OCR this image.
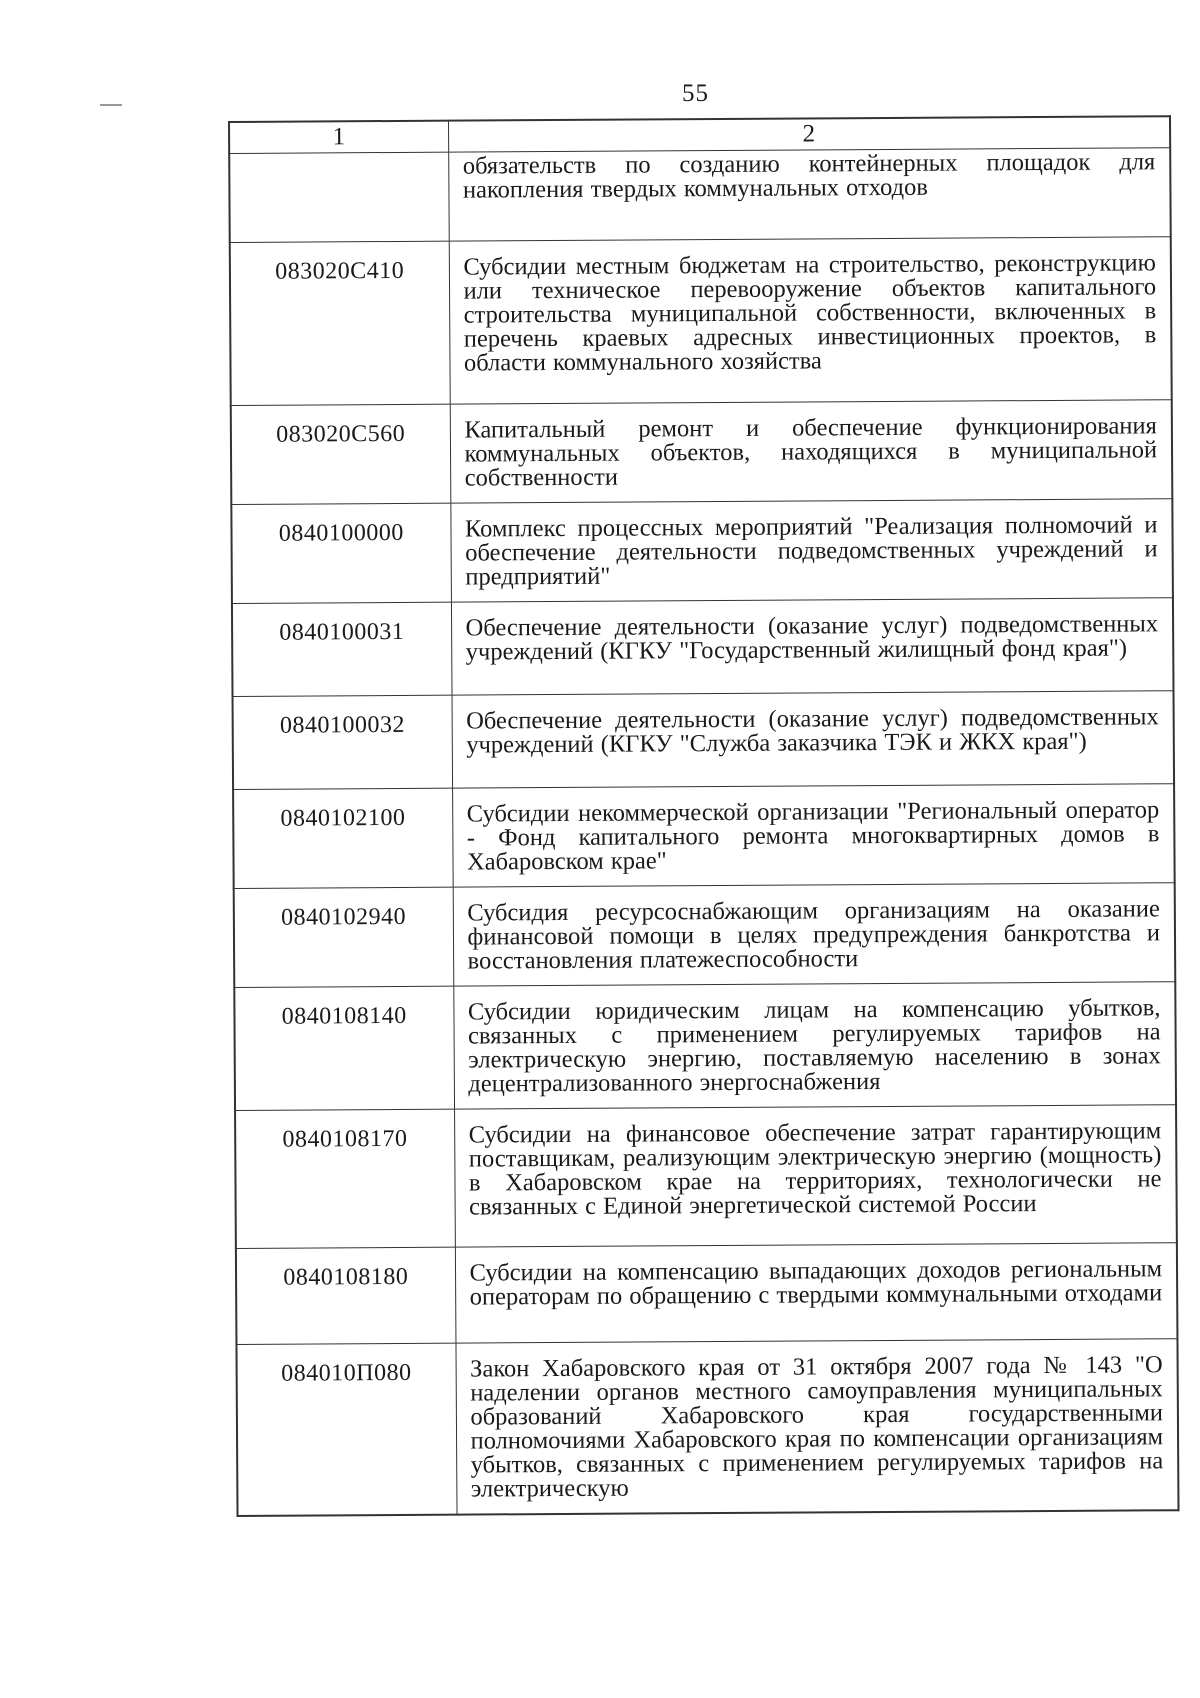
55
1	2
	обязательств по созданию контейнерных площадок для накопления твердых коммунальных отходов
083020C410	Субсидии местным бюджетам на строительство, реконструкцию или техническое перевооружение объектов капитального строительства муниципальной собственности, включенных в перечень краевых адресных инвестиционных проектов, в области коммунального хозяйства
083020C560	Капитальный ремонт и обеспечение функционирования коммунальных объектов, находящихся в муниципальной собственности
0840100000	Комплекс процессных мероприятий "Реализация полномочий и обеспечение деятельности подведомственных учреждений и предприятий"
0840100031	Обеспечение деятельности (оказание услуг) подведомственных учреждений (КГКУ "Государственный жилищный фонд края")
0840100032	Обеспечение деятельности (оказание услуг) подведомственных учреждений (КГКУ "Служба заказчика ТЭК и ЖКХ края")
0840102100	Субсидии некоммерческой организации "Региональный оператор - Фонд капитального ремонта многоквартирных домов в Хабаровском крае"
0840102940	Субсидия ресурсоснабжающим организациям на оказание финансовой помощи в целях предупреждения банкротства и восстановления платежеспособности
0840108140	Субсидии юридическим лицам на компенсацию убытков, связанных с применением регулируемых тарифов на электрическую энергию, поставляемую населению в зонах децентрализованного энергоснабжения
0840108170	Субсидии на финансовое обеспечение затрат гарантирующим поставщикам, реализующим электрическую энергию (мощность) в Хабаровском крае на территориях, технологически не связанных с Единой энергетической системой России
0840108180	Субсидии на компенсацию выпадающих доходов региональным операторам по обращению с твердыми коммунальными отходами
084010П080	Закон Хабаровского края от 31 октября 2007 года № 143 "О наделении органов местного самоуправления муниципальных образований Хабаровского края государственными полномочиями Хабаровского края по компенсации организациям убытков, связанных с применением регулируемых тарифов на электрическую
